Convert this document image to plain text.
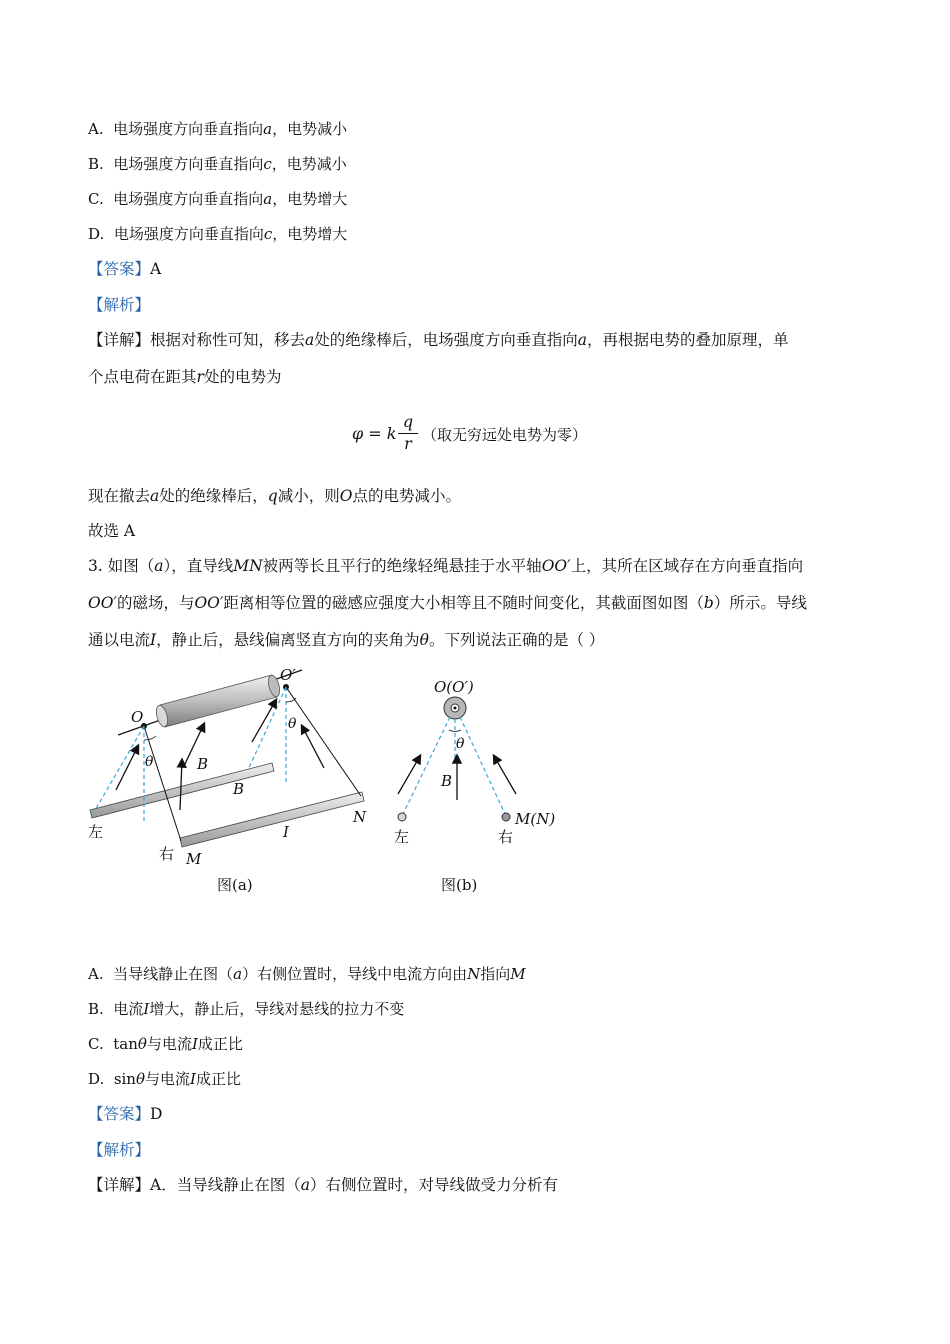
A. 电场强度方向垂直指向a，电势减小
B. 电场强度方向垂直指向c，电势减小
C. 电场强度方向垂直指向a，电势增大
D. 电场强度方向垂直指向c，电势增大
【答案】A
【解析】
【详解】根据对称性可知，移去a处的绝缘棒后，电场强度方向垂直指向a，再根据电势的叠加原理，单
个点电荷在距其r处的电势为
φ = k $\frac{q}{r}$ （取无穷远处电势为零）
现在撤去a处的绝缘棒后，q减小，则O点的电势减小。
故选 A
3. 如图（a），直导线MN被两等长且平行的绝缘轻绳悬挂于水平轴OO′上，其所在区域存在方向垂直指向
OO′的磁场，与OO′距离相等位置的磁感应强度大小相等且不随时间变化，其截面图如图（b）所示。导线
通以电流I，静止后，悬线偏离竖直方向的夹角为θ。下列说法正确的是（ ）
O
O′
θ
θ
B
B
左
右 M
N
I
图(a)
O(O′)
θ
B
左	右
M(N)
图(b)
A. 当导线静止在图（a）右侧位置时，导线中电流方向由N指向M
B. 电流I增大，静止后，导线对悬线的拉力不变
C. tanθ与电流I成正比
D. sinθ与电流I成正比
【答案】D
【解析】
【详解】A．当导线静止在图（a）右侧位置时，对导线做受力分析有
